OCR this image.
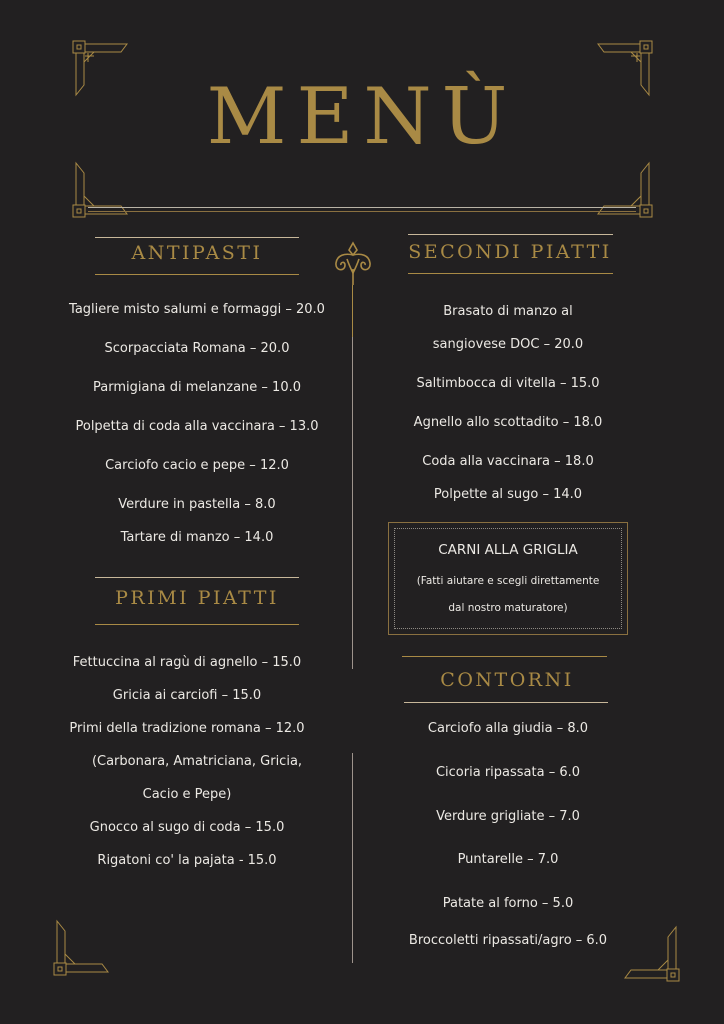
MENÙ
ANTIPASTI
Tagliere misto salumi e formaggi – 20.0
Scorpacciata Romana – 20.0
Parmigiana di melanzane – 10.0
Polpetta di coda alla vaccinara – 13.0
Carciofo cacio e pepe – 12.0
Verdure in pastella – 8.0
Tartare di manzo – 14.0
PRIMI PIATTI
Fettuccina al ragù di agnello – 15.0
Gricia ai carciofi – 15.0
Primi della tradizione romana – 12.0
(Carbonara, Amatriciana, Gricia,
Cacio e Pepe)
Gnocco al sugo di coda – 15.0
Rigatoni co' la pajata - 15.0
SECONDI PIATTI
Brasato di manzo al
sangiovese DOC – 20.0
Saltimbocca di vitella – 15.0
Agnello allo scottadito – 18.0
Coda alla vaccinara – 18.0
Polpette al sugo – 14.0
CARNI ALLA GRIGLIA
(Fatti aiutare e scegli direttamente
dal nostro maturatore)
CONTORNI
Carciofo alla giudia – 8.0
Cicoria ripassata – 6.0
Verdure grigliate – 7.0
Puntarelle – 7.0
Patate al forno – 5.0
Broccoletti ripassati/agro – 6.0
